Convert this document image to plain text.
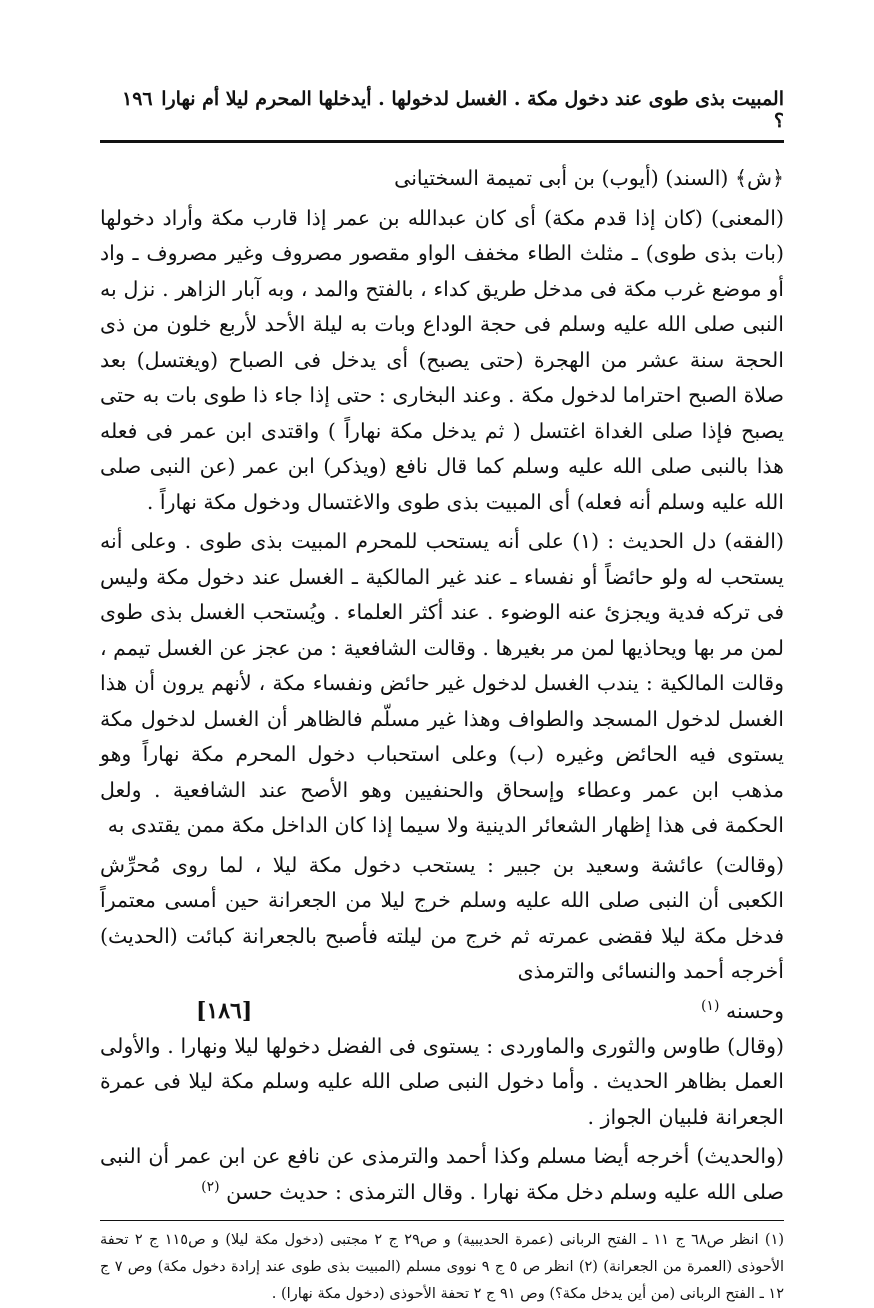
١٩٦ المبيت بذى طوى عند دخول مكة . الغسل لدخولها . أيدخلها المحرم ليلا أم نهارا ؟

﴿ش﴾ (السند) (أيوب) بن أبى تميمة السختيانى

(المعنى) (كان إذا قدم مكة) أى كان عبدالله بن عمر إذا قارب مكة وأراد دخولها (بات بذى طوى) ـ مثلث الطاء مخفف الواو مقصور مصروف وغير مصروف ـ واد أو موضع غرب مكة فى مدخل طريق كداء ، بالفتح والمد ، وبه آبار الزاهر . نزل به النبى صلى الله عليه وسلم فى حجة الوداع وبات به ليلة الأحد لأربع خلون من ذى الحجة سنة عشر من الهجرة (حتى يصبح) أى يدخل فى الصباح (ويغتسل) بعد صلاة الصبح احتراما لدخول مكة . وعند البخارى : حتى إذا جاء ذا طوى بات به حتى يصبح فإذا صلى الغداة اغتسل ( ثم يدخل مكة نهاراً ) واقتدى ابن عمر فى فعله هذا بالنبى صلى الله عليه وسلم كما قال نافع (ويذكر) ابن عمر (عن النبى صلى الله عليه وسلم أنه فعله) أى المبيت بذى طوى والاغتسال ودخول مكة نهاراً .

(الفقه) دل الحديث : (١) على أنه يستحب للمحرم المبيت بذى طوى . وعلى أنه يستحب له ولو حائضاً أو نفساء ـ عند غير المالكية ـ الغسل عند دخول مكة وليس فى تركه فدية ويجزئ عنه الوضوء . عند أكثر العلماء . ويُستحب الغسل بذى طوى لمن مر بها ويحاذيها لمن مر بغيرها . وقالت الشافعية : من عجز عن الغسل تيمم ، وقالت المالكية : يندب الغسل لدخول غير حائض ونفساء مكة ، لأنهم يرون أن هذا الغسل لدخول المسجد والطواف وهذا غير مسلّم فالظاهر أن الغسل لدخول مكة يستوى فيه الحائض وغيره (ب) وعلى استحباب دخول المحرم مكة نهاراً وهو مذهب ابن عمر وعطاء وإسحاق والحنفيين وهو الأصح عند الشافعية . ولعل الحكمة فى هذا إظهار الشعائر الدينية ولا سيما إذا كان الداخل مكة ممن يقتدى به

(وقالت) عائشة وسعيد بن جبير : يستحب دخول مكة ليلا ، لما روى مُحرِّش الكعبى أن النبى صلى الله عليه وسلم خرج ليلا من الجعرانة حين أمسى معتمراً فدخل مكة ليلا فقضى عمرته ثم خرج من ليلته فأصبح بالجعرانة كبائت (الحديث) أخرجه أحمد والنسائى والترمذى

وحسنه $^{(١)}$
[١٨٦]

(وقال) طاوس والثورى والماوردى : يستوى فى الفضل دخولها ليلا ونهارا . والأولى العمل بظاهر الحديث . وأما دخول النبى صلى الله عليه وسلم مكة ليلا فى عمرة الجعرانة فلبيان الجواز .

(والحديث) أخرجه أيضا مسلم وكذا أحمد والترمذى عن نافع عن ابن عمر أن النبى صلى الله عليه وسلم دخل مكة نهارا . وقال الترمذى : حديث حسن $^{(٢)}$

(١) انظر ص٦٨ ج ١١ ـ الفتح الربانى (عمرة الحديبية) و ص٢٩ ج ٢ مجتبى (دخول مكة ليلا) و ص١١٥ ج ٢ تحفة الأحوذى (العمرة من الجعرانة) (٢) انظر ص ٥ ج ٩ نووى مسلم (المبيت بذى طوى عند إرادة دخول مكة) وص ٧ ج ١٢ ـ الفتح الربانى (من أين يدخل مكة؟) وص ٩١ ج ٢ تحفة الأحوذى (دخول مكة نهارا) .
